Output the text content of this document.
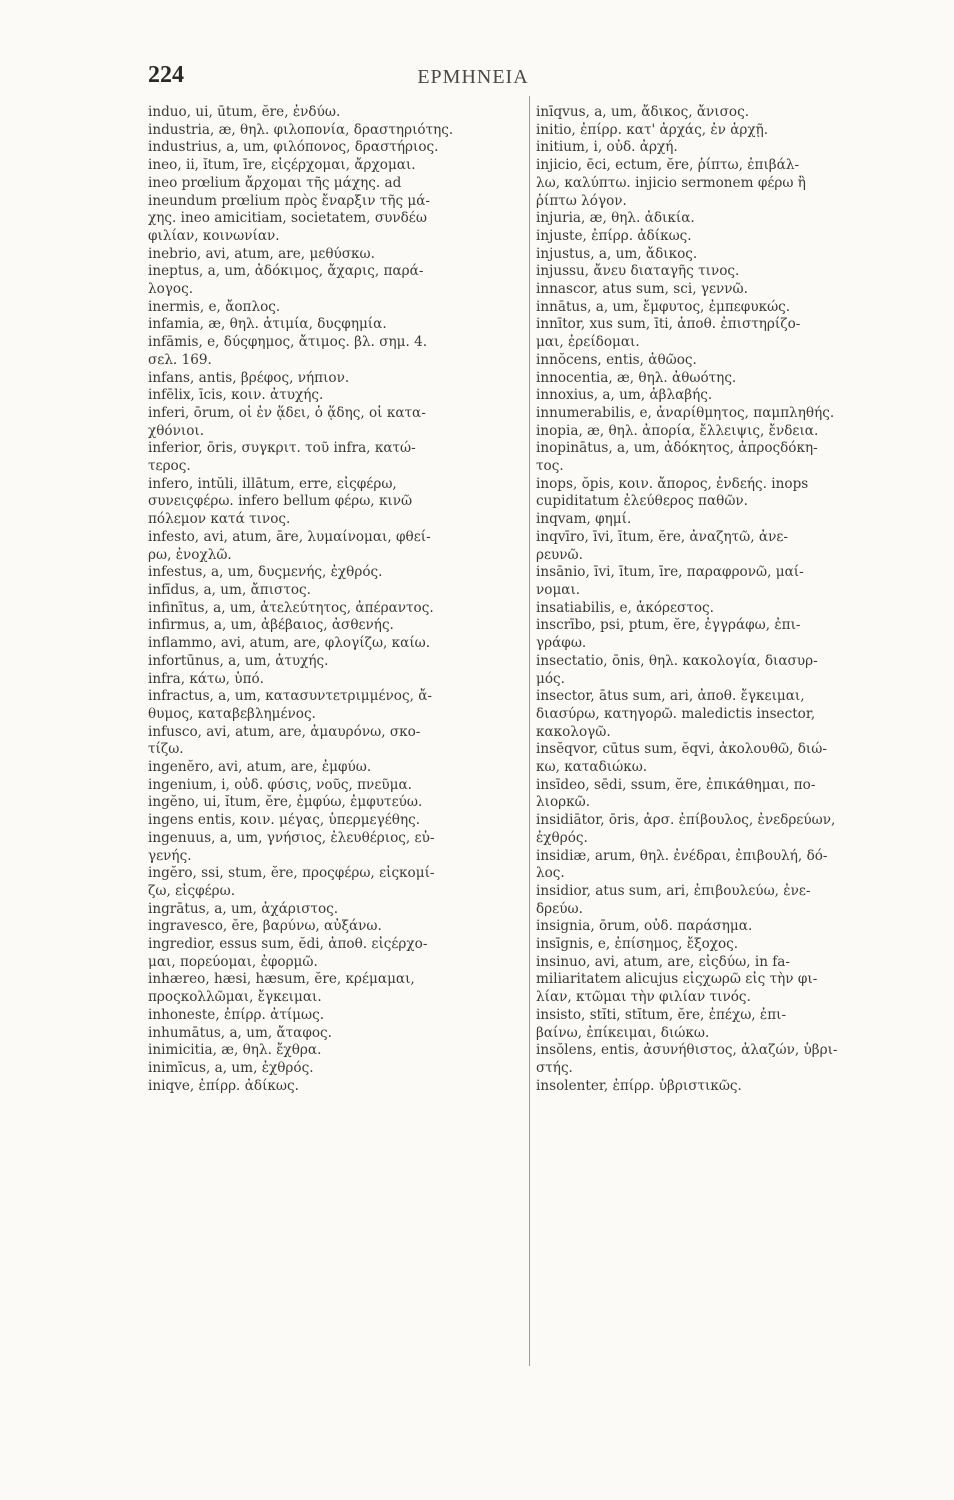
224	ΕΡΜΗΝΕΙΑ
induo, ui, ūtum, ĕre, ἐνδύω.
industria, æ, θηλ. φιλοπονία, δραστηριότης.
industrius, a, um, φιλόπονος, δραστήριος.
ineo, ii, ĭtum, īre, εἰςέρχομαι, ἄρχομαι.
ineo prœlium ἄρχομαι τῆς μάχης. ad
ineundum prœlium πρὸς ἔναρξιν τῆς μά-
χης. ineo amicitiam, societatem, συνδέω
φιλίαν, κοινωνίαν.
inebrio, avi, atum, are, μεθύσκω.
ineptus, a, um, ἀδόκιμος, ἄχαρις, παρά-
λογος.
inermis, e, ἄοπλος.
infamia, æ, θηλ. ἀτιμία, δυςφημία.
infāmis, e, δύςφημος, ἄτιμος. βλ. σημ. 4.
σελ. 169.
infans, antis, βρέφος, νήπιον.
infēlix, īcis, κοιν. ἀτυχής.
inferi, ōrum, οἱ ἐν ᾅδει, ὁ ᾅδης, οἱ κατα-
χθόνιοι.
inferior, ōris, συγκριτ. τοῦ infra, κατώ-
τερος.
infero, intŭli, illātum, erre, εἰςφέρω,
συνειςφέρω. infero bellum φέρω, κινῶ
πόλεμον κατά τινος.
infesto, avi, atum, āre, λυμαίνομαι, φθεί-
ρω, ἐνοχλῶ.
infestus, a, um, δυςμενής, ἐχθρός.
infīdus, a, um, ἄπιστος.
infinītus, a, um, ἀτελεύτητος, ἀπέραντος.
infirmus, a, um, ἀβέβαιος, ἀσθενής.
inflammo, avi, atum, are, φλογίζω, καίω.
infortūnus, a, um, ἀτυχής.
infra, κάτω, ὑπό.
infractus, a, um, κατασυντετριμμένος, ἄ-
θυμος, καταβεβλημένος.
infusco, avi, atum, are, ἀμαυρόνω, σκο-
τίζω.
ingenĕro, avi, atum, are, ἐμφύω.
ingenium, i, οὐδ. φύσις, νοῦς, πνεῦμα.
ingĕno, ui, ĭtum, ĕre, ἐμφύω, ἐμφυτεύω.
ingens entis, κοιν. μέγας, ὑπερμεγέθης.
ingenuus, a, um, γνήσιος, ἐλευθέριος, εὐ-
γενής.
ingĕro, ssi, stum, ĕre, προςφέρω, εἰςκομί-
ζω, εἰςφέρω.
ingrātus, a, um, ἀχάριστος.
ingravesco, ĕre, βαρύνω, αὐξάνω.
ingredior, essus sum, ĕdi, ἀποθ. εἰςέρχο-
μαι, πορεύομαι, ἐφορμῶ.
inhæreo, hæsi, hæsum, ĕre, κρέμαμαι,
προςκολλῶμαι, ἔγκειμαι.
inhoneste, ἐπίρρ. ἀτίμως.
inhumātus, a, um, ἄταφος.
inimicitia, æ, θηλ. ἔχθρα.
inimīcus, a, um, ἐχθρός.
iniqve, ἐπίρρ. ἀδίκως.
inīqvus, a, um, ἄδικος, ἄνισος.
initio, ἐπίρρ. κατ' ἀρχάς, ἐν ἀρχῇ.
initium, i, οὐδ. ἀρχή.
injicio, ēci, ectum, ĕre, ῥίπτω, ἐπιβάλ-
λω, καλύπτω. injicio sermonem φέρω ἢ
ῥίπτω λόγον.
injuria, æ, θηλ. ἀδικία.
injuste, ἐπίρρ. ἀδίκως.
injustus, a, um, ἄδικος.
injussu, ἄνευ διαταγῆς τινος.
innascor, atus sum, sci, γεννῶ.
innātus, a, um, ἔμφυτος, ἐμπεφυκώς.
innītor, xus sum, īti, ἀποθ. ἐπιστηρίζο-
μαι, ἐρείδομαι.
innŏcens, entis, ἀθῶος.
innocentia, æ, θηλ. ἀθωότης.
innoxius, a, um, ἀβλαβής.
innumerabilis, e, ἀναρίθμητος, παμπληθής.
inopia, æ, θηλ. ἀπορία, ἔλλειψις, ἔνδεια.
inopinātus, a, um, ἀδόκητος, ἀπροςδόκη-
τος.
inops, ŏpis, κοιν. ἄπορος, ἐνδεής. inops
cupiditatum ἐλεύθερος παθῶν.
inqvam, φημί.
inqvīro, īvi, ītum, ĕre, ἀναζητῶ, ἀνε-
ρευνῶ.
insānio, īvi, ītum, īre, παραφρονῶ, μαί-
νομαι.
insatiabilis, e, ἀκόρεστος.
inscrībo, psi, ptum, ĕre, ἐγγράφω, ἐπι-
γράφω.
insectatio, ōnis, θηλ. κακολογία, διασυρ-
μός.
insector, ātus sum, ari, ἀποθ. ἔγκειμαι,
διασύρω, κατηγορῶ. maledictis insector,
κακολογῶ.
insĕqvor, cūtus sum, ĕqvi, ἀκολουθῶ, διώ-
κω, καταδιώκω.
insīdeo, sēdi, ssum, ĕre, ἐπικάθημαι, πο-
λιορκῶ.
insidiātor, ōris, ἀρσ. ἐπίβουλος, ἐνεδρεύων,
ἐχθρός.
insidiæ, arum, θηλ. ἐνέδραι, ἐπιβουλή, δό-
λος.
insidior, atus sum, ari, ἐπιβουλεύω, ἐνε-
δρεύω.
insignia, ōrum, οὐδ. παράσημα.
insīgnis, e, ἐπίσημος, ἔξοχος.
insinuo, avi, atum, are, εἰςδύω, in fa-
miliaritatem alicujus εἰςχωρῶ εἰς τὴν φι-
λίαν, κτῶμαι τὴν φιλίαν τινός.
insisto, stĭti, stĭtum, ĕre, ἐπέχω, ἐπι-
βαίνω, ἐπίκειμαι, διώκω.
insŏlens, entis, ἀσυνήθιστος, ἀλαζών, ὑβρι-
στής.
insolenter, ἐπίρρ. ὑβριστικῶς.
